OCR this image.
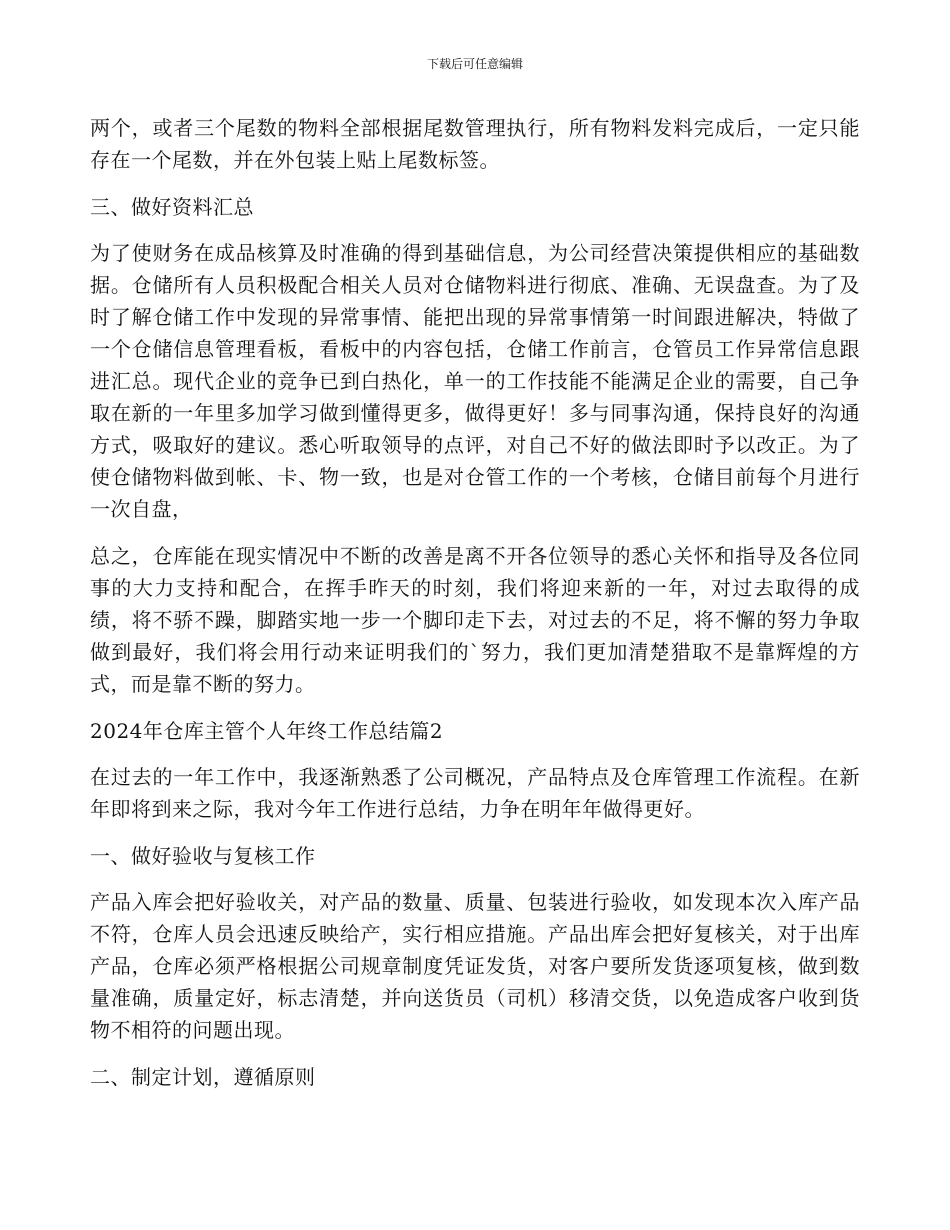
下载后可任意编辑

两个，或者三个尾数的物料全部根据尾数管理执行，所有物料发料完成后，一定只能存在一个尾数，并在外包装上贴上尾数标签。

三、做好资料汇总

为了使财务在成品核算及时准确的得到基础信息，为公司经营决策提供相应的基础数据。仓储所有人员积极配合相关人员对仓储物料进行彻底、准确、无误盘查。为了及时了解仓储工作中发现的异常事情、能把出现的异常事情第一时间跟进解决，特做了一个仓储信息管理看板，看板中的内容包括，仓储工作前言，仓管员工作异常信息跟进汇总。现代企业的竞争已到白热化，单一的工作技能不能满足企业的需要，自己争取在新的一年里多加学习做到懂得更多，做得更好！多与同事沟通，保持良好的沟通方式，吸取好的建议。悉心听取领导的点评，对自己不好的做法即时予以改正。为了使仓储物料做到帐、卡、物一致，也是对仓管工作的一个考核，仓储目前每个月进行一次自盘，

总之，仓库能在现实情况中不断的改善是离不开各位领导的悉心关怀和指导及各位同事的大力支持和配合，在挥手昨天的时刻，我们将迎来新的一年，对过去取得的成绩，将不骄不躁，脚踏实地一步一个脚印走下去，对过去的不足，将不懈的努力争取做到最好，我们将会用行动来证明我们的`努力，我们更加清楚猎取不是靠辉煌的方式，而是靠不断的努力。

2024年仓库主管个人年终工作总结篇2

在过去的一年工作中，我逐渐熟悉了公司概况，产品特点及仓库管理工作流程。在新年即将到来之际，我对今年工作进行总结，力争在明年年做得更好。

一、做好验收与复核工作

产品入库会把好验收关，对产品的数量、质量、包装进行验收，如发现本次入库产品不符，仓库人员会迅速反映给产，实行相应措施。产品出库会把好复核关，对于出库产品，仓库必须严格根据公司规章制度凭证发货，对客户要所发货逐项复核，做到数量准确，质量定好，标志清楚，并向送货员（司机）移清交货，以免造成客户收到货物不相符的问题出现。

二、制定计划，遵循原则
